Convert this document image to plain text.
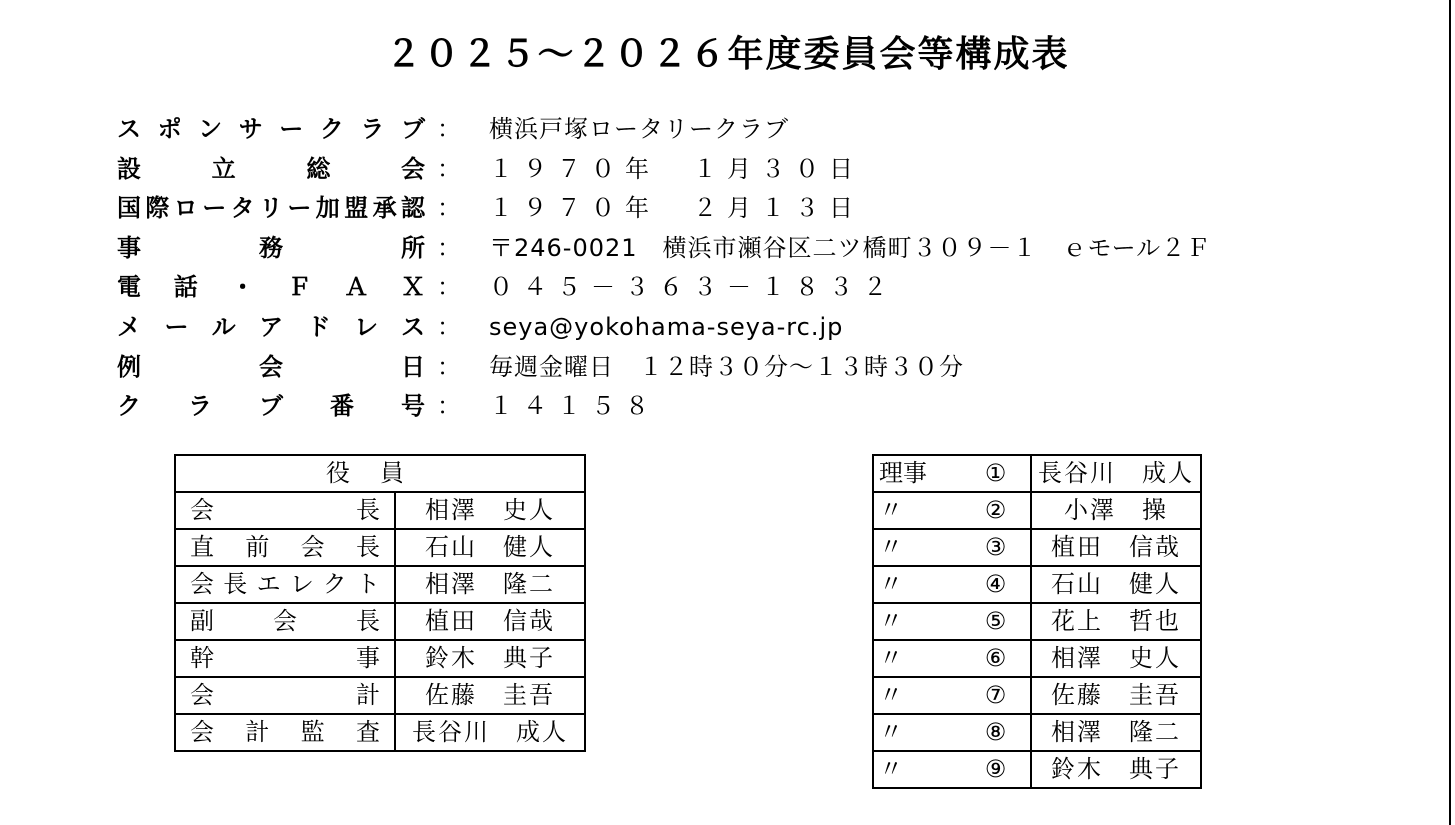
２０２５～２０２６年度委員会等構成表
スポンサークラブ ： 横浜戸塚ロータリークラブ
設立総会 ： １９７０年　１月３０日
国際ロータリー加盟承認 ： １９７０年　２月１３日
事務所 ： 〒246-0021　横浜市瀬谷区二ツ橋町３０９－１　ｅモール２Ｆ
電話・ＦＡＸ ： ０４５－３６３－１８３２
メールアドレス ： seya@yokohama-seya-rc.jp
例会日 ： 毎週金曜日　１２時３０分～１３時３０分
クラブ番号 ： １４１５８
役員	
会長	相澤　史人
直前会長	石山　健人
会長エレクト	相澤　隆二
副会長	植田　信哉
幹事	鈴木　典子
会計	佐藤　圭吾
会計監査	長谷川　成人
理事	①	長谷川　成人
〃	②	小澤　操
〃	③	植田　信哉
〃	④	石山　健人
〃	⑤	花上　哲也
〃	⑥	相澤　史人
〃	⑦	佐藤　圭吾
〃	⑧	相澤　隆二
〃	⑨	鈴木　典子
